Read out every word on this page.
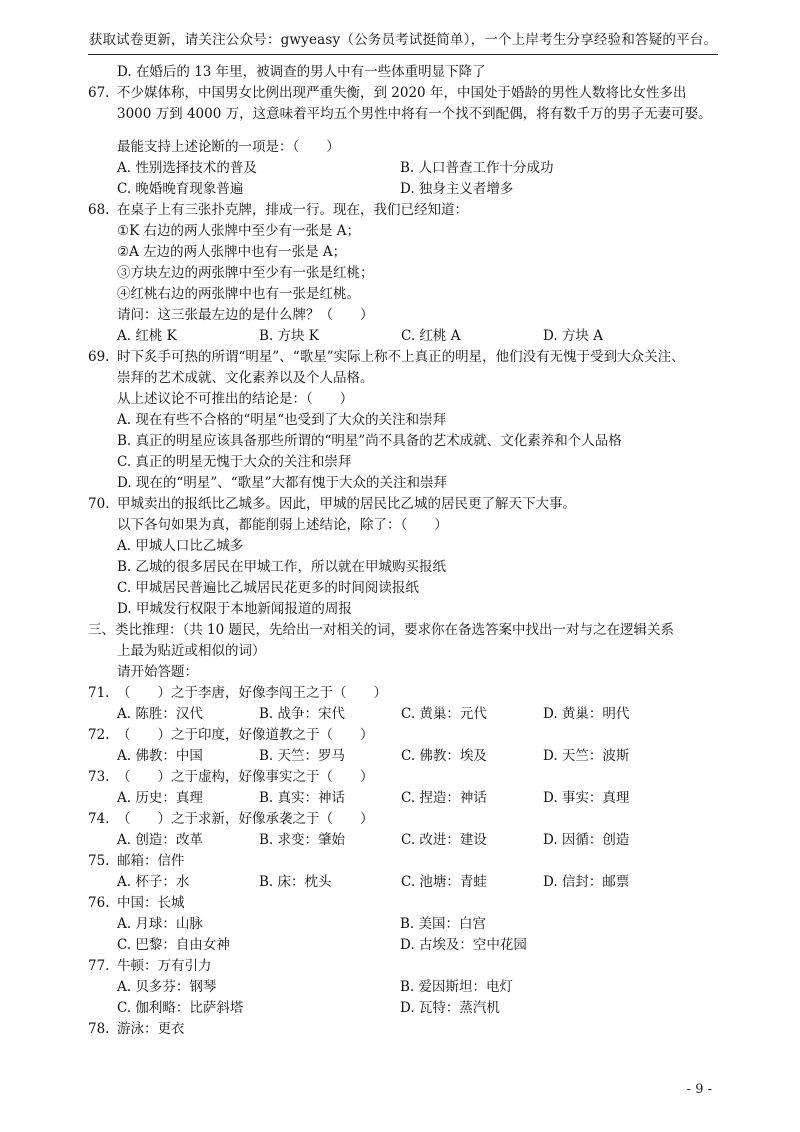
获取试卷更新，请关注公众号：gwyeasy（公务员考试挺简单），一个上岸考生分享经验和答疑的平台。
D. 在婚后的 13 年里，被调查的男人中有一些体重明显下降了
67. 不少媒体称，中国男女比例出现严重失衡，到 2020 年，中国处于婚龄的男性人数将比女性多出
3000 万到 4000 万，这意味着平均五个男性中将有一个找不到配偶，将有数千万的男子无妻可娶。
最能支持上述论断的一项是：（　　）
A. 性别选择技术的普及	B. 人口普查工作十分成功
C. 晚婚晚育现象普遍	D. 独身主义者增多
68. 在桌子上有三张扑克牌，排成一行。现在，我们已经知道：
①K 右边的两人张牌中至少有一张是 A；
②A 左边的两人张牌中也有一张是 A；
③方块左边的两张牌中至少有一张是红桃；
④红桃右边的两张牌中也有一张是红桃。
请问：这三张最左边的是什么牌？（　　）
A. 红桃 K	B. 方块 K	C. 红桃 A	D. 方块 A
69. 时下炙手可热的所谓“明星”、“歌星”实际上称不上真正的明星，他们没有无愧于受到大众关注、
崇拜的艺术成就、文化素养以及个人品格。
从上述议论不可推出的结论是：（　　）
A. 现在有些不合格的“明星“也受到了大众的关注和崇拜
B. 真正的明星应该具备那些所谓的“明星”尚不具备的艺术成就、文化素养和个人品格
C. 真正的明星无愧于大众的关注和崇拜
D. 现在的“明星”、“歌星”大都有愧于大众的关注和崇拜
70. 甲城卖出的报纸比乙城多。因此，甲城的居民比乙城的居民更了解天下大事。
以下各句如果为真，都能削弱上述结论，除了：（　　）
A. 甲城人口比乙城多
B. 乙城的很多居民在甲城工作，所以就在甲城购买报纸
C. 甲城居民普遍比乙城居民花更多的时间阅读报纸
D. 甲城发行权限于本地新闻报道的周报
三、类比推理：（共 10 题民，先给出一对相关的词，要求你在备选答案中找出一对与之在逻辑关系
上最为贴近或相似的词）
请开始答题：
71. （　　）之于李唐，好像李闯王之于（　　）
A. 陈胜：汉代	B. 战争：宋代	C. 黄巢：元代	D. 黄巢：明代
72. （　　）之于印度，好像道教之于（　　）
A. 佛教：中国	B. 天竺：罗马	C. 佛教：埃及	D. 天竺：波斯
73. （　　）之于虚构，好像事实之于（　　）
A. 历史：真理	B. 真实：神话	C. 捏造：神话	D. 事实：真理
74. （　　）之于求新，好像承袭之于（　　）
A. 创造：改革	B. 求变：肇始	C. 改进：建设	D. 因循：创造
75. 邮箱：信件
A. 杯子：水	B. 床：枕头	C. 池塘：青蛙	D. 信封：邮票
76. 中国：长城
A. 月球：山脉	B. 美国：白宫
C. 巴黎：自由女神	D. 古埃及：空中花园
77. 牛顿：万有引力
A. 贝多芬：钢琴	B. 爱因斯坦：电灯
C. 伽利略：比萨斜塔	D. 瓦特：蒸汽机
78. 游泳：更衣
- 9 -
